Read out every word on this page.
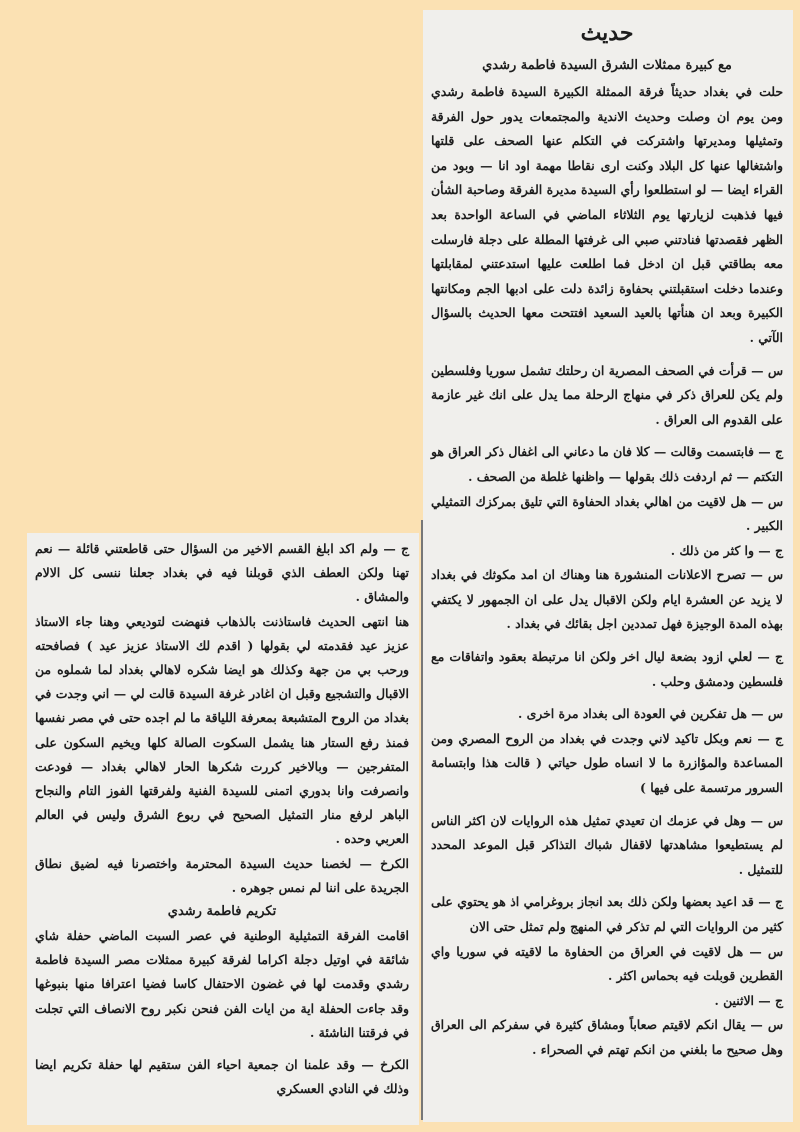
حديث
مع كبيرة ممثلات الشرق السيدة فاطمة رشدي

حلت في بغداد حديثاً فرقة الممثلة الكبيرة السيدة فاطمة رشدي ومن يوم ان وصلت وحديث الاندية والمجتمعات يدور حول الفرقة وتمثيلها ومديرتها واشتركت في التكلم عنها الصحف على قلتها واشتغالها عنها كل البلاد وكنت ارى نقاطا مهمة اود انا — وبود من القراء ايضا — لو استطلعوا رأي السيدة مديرة الفرقة وصاحبة الشأن فيها فذهبت لزيارتها يوم الثلاثاء الماضي في الساعة الواحدة بعد الظهر فقصدتها فنادتني صبي الى غرفتها المطلة على دجلة فارسلت معه بطاقتي قبل ان ادخل فما اطلعت عليها استدعتني لمقابلتها وعندما دخلت استقبلتني بحفاوة زائدة دلت على ادبها الجم ومكانتها الكبيرة وبعد ان هنأتها بالعيد السعيد افتتحت معها الحديث بالسؤال الآتي .

س — قرأت في الصحف المصرية ان رحلتك تشمل سوريا وفلسطين ولم يكن للعراق ذكر في منهاج الرحلة مما يدل على انك غير عازمة على القدوم الى العراق .

ج — فابتسمت وقالت — كلا فان ما دعاني الى اغفال ذكر العراق هو التكتم — ثم اردفت ذلك بقولها — واظنها غلطة من الصحف .

س — هل لاقيت من اهالي بغداد الحفاوة التي تليق بمركزك التمثيلي الكبير .

ج — وا كثر من ذلك .

س — تصرح الاعلانات المنشورة هنا وهناك ان امد مكوثك في بغداد لا يزيد عن العشرة ايام ولكن الاقبال يدل على ان الجمهور لا يكتفي بهذه المدة الوجيزة فهل تمددين اجل بقائك في بغداد .

ج — لعلي ازود بضعة ليال اخر ولكن انا مرتبطة بعقود واتفاقات مع فلسطين ودمشق وحلب .

س — هل تفكرين في العودة الى بغداد مرة اخرى .

ج — نعم وبكل تاكيد لاني وجدت في بغداد من الروح المصري ومن المساعدة والمؤازرة ما لا انساه طول حياتي ( قالت هذا وابتسامة السرور مرتسمة على فيها )

س — وهل في عزمك ان تعيدي تمثيل هذه الروايات لان اكثر الناس لم يستطيعوا مشاهدتها لاقفال شباك التذاكر قبل الموعد المحدد للتمثيل .

ج — قد اعيد بعضها ولكن ذلك بعد انجاز بروغرامي اذ هو يحتوي على كثير من الروايات التي لم تذكر في المنهج ولم تمثل حتى الان

س — هل لاقيت في العراق من الحفاوة ما لاقيته في سوريا واي القطرين قوبلت فيه بحماس اكثر .

ج — الاثنين .

س — يقال انكم لاقيتم صعاباً ومشاق كثيرة في سفركم الى العراق وهل صحيح ما بلغني من انكم تهتم في الصحراء .

ج — ولم اكد ابلغ القسم الاخير من السؤال حتى قاطعتني قائلة — نعم تهنا ولكن العطف الذي قوبلنا فيه في بغداد جعلنا ننسى كل الالام والمشاق .

هنا انتهى الحديث فاستاذنت بالذهاب فنهضت لتوديعي وهنا جاء الاستاذ عزيز عيد فقدمته لي بقولها ( اقدم لك الاستاذ عزيز عيد ) فصافحته ورحب بي من جهة وكذلك هو ايضا شكره لاهالي بغداد لما شملوه من الاقبال والتشجيع وقبل ان اغادر غرفة السيدة قالت لي — اني وجدت في بغداد من الروح المتشبعة بمعرفة اللياقة ما لم اجده حتى في مصر نفسها فمنذ رفع الستار هنا يشمل السكوت الصالة كلها ويخيم السكون على المتفرجين — وبالاخير كررت شكرها الحار لاهالي بغداد — فودعت وانصرفت وانا بدوري اتمنى للسيدة الفنية ولفرقتها الفوز التام والنجاح الباهر لرفع منار التمثيل الصحيح في ربوع الشرق وليس في العالم العربي وحده .

الكرخ — لخصنا حديث السيدة المحترمة واختصرنا فيه لضيق نطاق الجريدة على اننا لم نمس جوهره .

تكريم فاطمة رشدي

اقامت الفرقة التمثيلية الوطنية في عصر السبت الماضي حفلة شاي شائقة في اوتيل دجلة اكراما لفرقة كبيرة ممثلات مصر السيدة فاطمة رشدي وقدمت لها في غضون الاحتفال كاسا فضيا اعترافا منها بنبوغها وقد جاءت الحفلة اية من ايات الفن فنحن نكبر روح الانصاف التي تجلت في فرقتنا الناشئة .

الكرخ — وقد علمنا ان جمعية احياء الفن ستقيم لها حفلة تكريم ايضا وذلك في النادي العسكري
